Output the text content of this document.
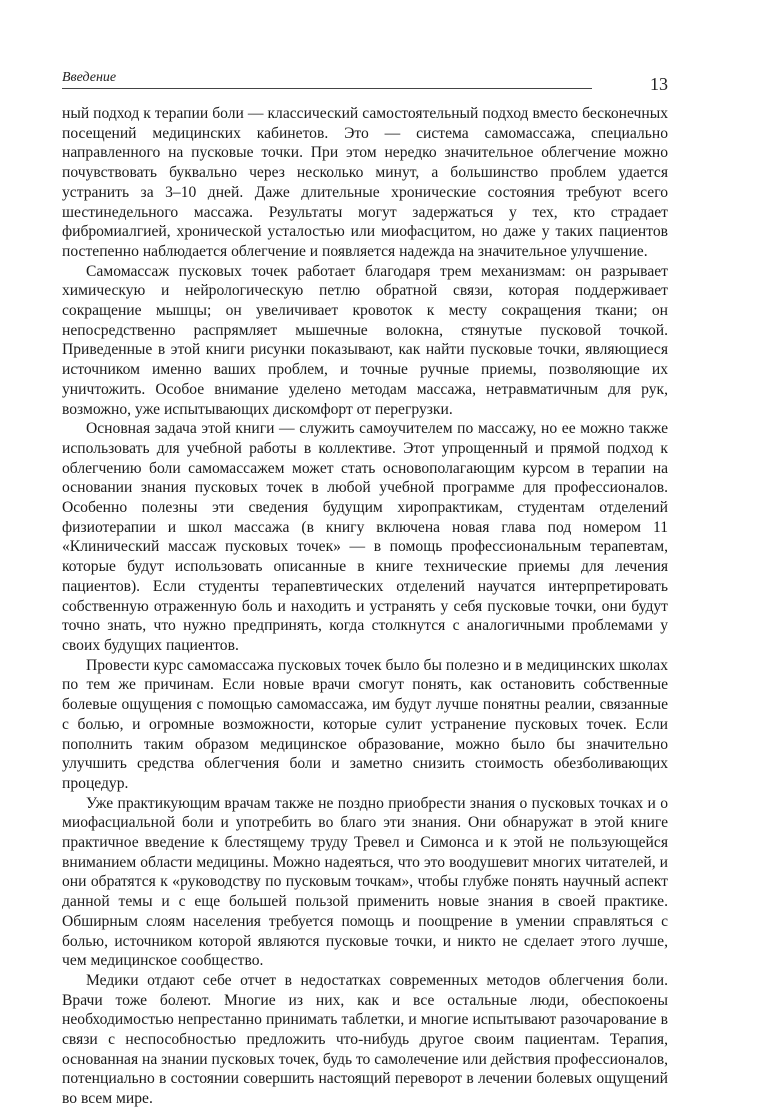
Введение	13

ный подход к терапии боли — классический самостоятельный подход вместо бесконечных посещений медицинских кабинетов. Это — система самомассажа, специально направленного на пусковые точки. При этом нередко значительное облегчение можно почувствовать буквально через несколько минут, а большинство проблем удается устранить за 3–10 дней. Даже длительные хронические состояния требуют всего шестинедельного массажа. Результаты могут задержаться у тех, кто страдает фибромиалгией, хронической усталостью или миофасцитом, но даже у таких пациентов постепенно наблюдается облегчение и появляется надежда на значительное улучшение.

Самомассаж пусковых точек работает благодаря трем механизмам: он разрывает химическую и нейрологическую петлю обратной связи, которая поддерживает сокращение мышцы; он увеличивает кровоток к месту сокращения ткани; он непосредственно распрямляет мышечные волокна, стянутые пусковой точкой. Приведенные в этой книги рисунки показывают, как найти пусковые точки, являющиеся источником именно ваших проблем, и точные ручные приемы, позволяющие их уничтожить. Особое внимание уделено методам массажа, нетравматичным для рук, возможно, уже испытывающих дискомфорт от перегрузки.

Основная задача этой книги — служить самоучителем по массажу, но ее можно также использовать для учебной работы в коллективе. Этот упрощенный и прямой подход к облегчению боли самомассажем может стать основополагающим курсом в терапии на основании знания пусковых точек в любой учебной программе для профессионалов. Особенно полезны эти сведения будущим хиропрактикам, студентам отделений физиотерапии и школ массажа (в книгу включена новая глава под номером 11 «Клинический массаж пусковых точек» — в помощь профессиональным терапевтам, которые будут использовать описанные в книге технические приемы для лечения пациентов). Если студенты терапевтических отделений научатся интерпретировать собственную отраженную боль и находить и устранять у себя пусковые точки, они будут точно знать, что нужно предпринять, когда столкнутся с аналогичными проблемами у своих будущих пациентов.

Провести курс самомассажа пусковых точек было бы полезно и в медицинских школах по тем же причинам. Если новые врачи смогут понять, как остановить собственные болевые ощущения с помощью самомассажа, им будут лучше понятны реалии, связанные с болью, и огромные возможности, которые сулит устранение пусковых точек. Если пополнить таким образом медицинское образование, можно было бы значительно улучшить средства облегчения боли и заметно снизить стоимость обезболивающих процедур.

Уже практикующим врачам также не поздно приобрести знания о пусковых точках и о миофасциальной боли и употребить во благо эти знания. Они обнаружат в этой книге практичное введение к блестящему труду Тревел и Симонса и к этой не пользующейся вниманием области медицины. Можно надеяться, что это воодушевит многих читателей, и они обратятся к «руководству по пусковым точкам», чтобы глубже понять научный аспект данной темы и с еще большей пользой применить новые знания в своей практике. Обширным слоям населения требуется помощь и поощрение в умении справляться с болью, источником которой являются пусковые точки, и никто не сделает этого лучше, чем медицинское сообщество.

Медики отдают себе отчет в недостатках современных методов облегчения боли. Врачи тоже болеют. Многие из них, как и все остальные люди, обеспокоены необходимостью непрестанно принимать таблетки, и многие испытывают разочарование в связи с неспособностью предложить что-нибудь другое своим пациентам. Терапия, основанная на знании пусковых точек, будь то самолечение или действия профессионалов, потенциально в состоянии совершить настоящий переворот в лечении болевых ощущений во всем мире.
